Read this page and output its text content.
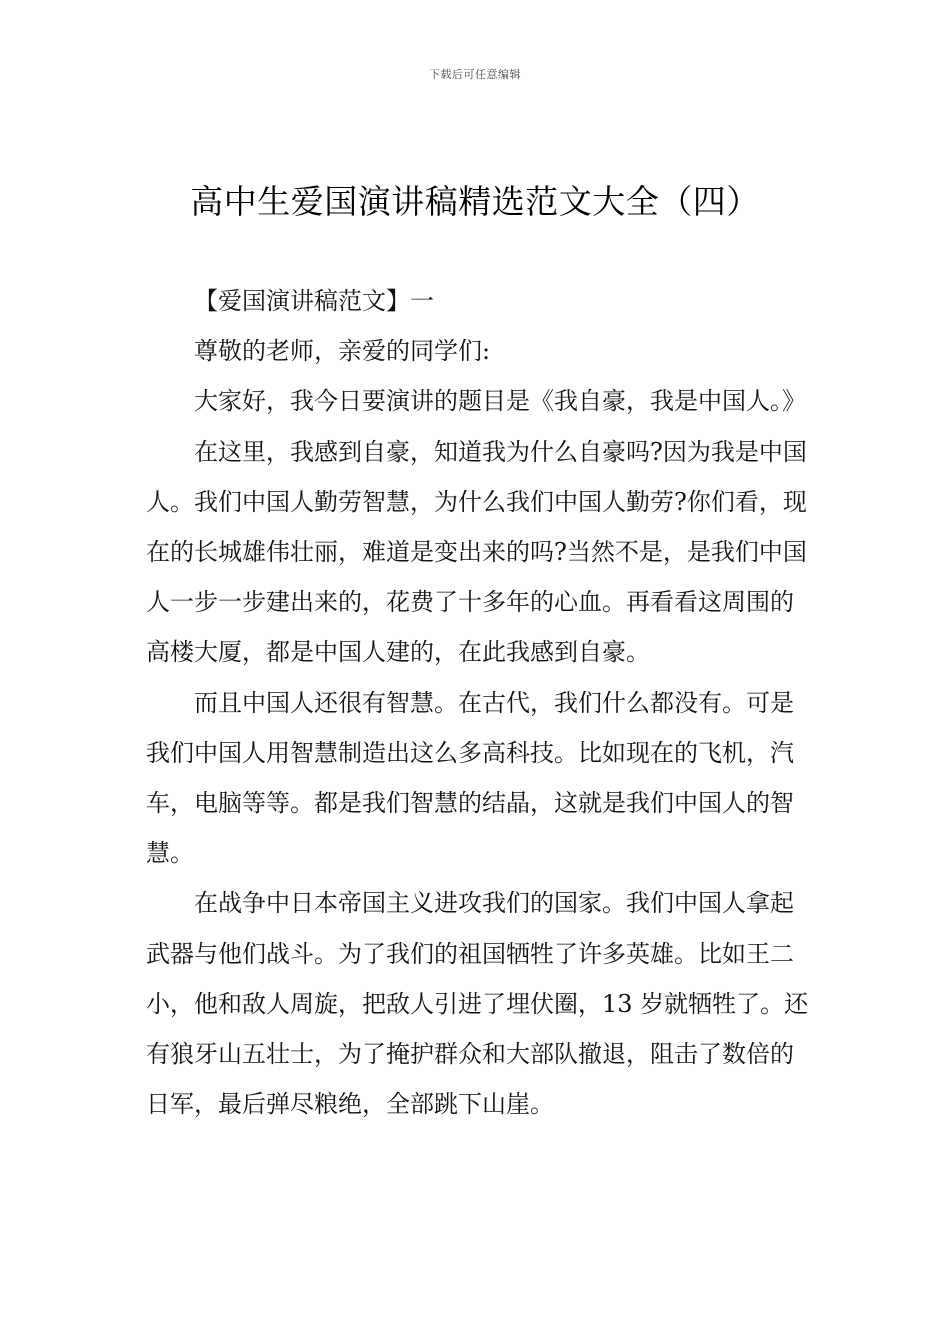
下载后可任意编辑
高中生爱国演讲稿精选范文大全（四）

【爱国演讲稿范文】一

尊敬的老师，亲爱的同学们:

大家好，我今日要演讲的题目是《我自豪，我是中国人。》

在这里，我感到自豪，知道我为什么自豪吗?因为我是中国人。我们中国人勤劳智慧，为什么我们中国人勤劳?你们看，现在的长城雄伟壮丽，难道是变出来的吗?当然不是，是我们中国人一步一步建出来的，花费了十多年的心血。再看看这周围的高楼大厦，都是中国人建的，在此我感到自豪。

而且中国人还很有智慧。在古代，我们什么都没有。可是我们中国人用智慧制造出这么多高科技。比如现在的飞机，汽车，电脑等等。都是我们智慧的结晶，这就是我们中国人的智慧。

在战争中日本帝国主义进攻我们的国家。我们中国人拿起武器与他们战斗。为了我们的祖国牺牲了许多英雄。比如王二小，他和敌人周旋，把敌人引进了埋伏圈，13 岁就牺牲了。还有狼牙山五壮士，为了掩护群众和大部队撤退，阻击了数倍的日军，最后弹尽粮绝，全部跳下山崖。
